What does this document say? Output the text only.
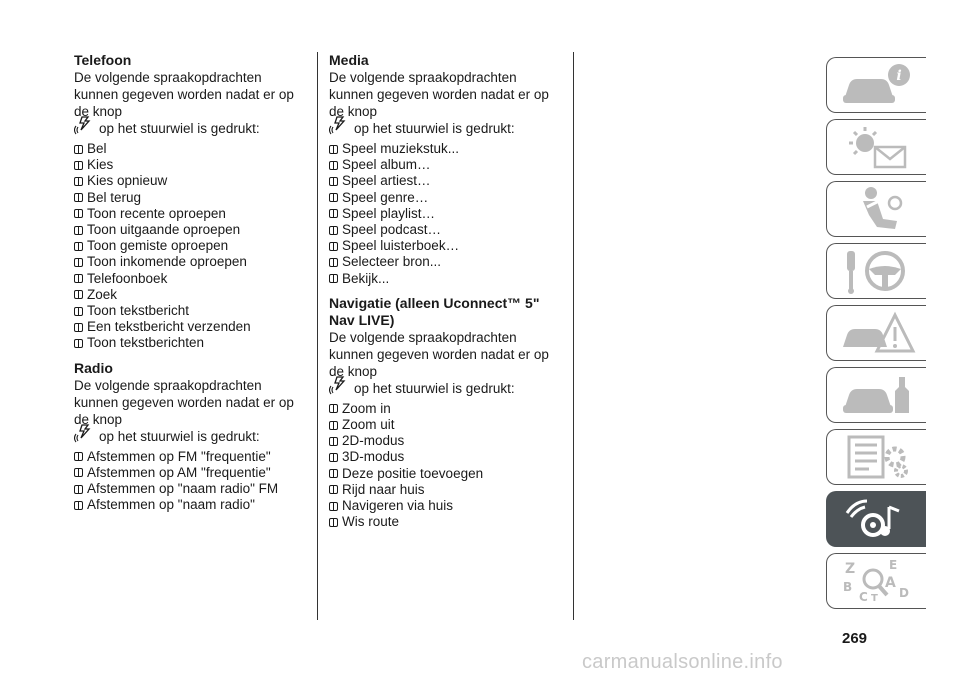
Telefoon

De volgende spraakopdrachten kunnen gegeven worden nadat er op de knop

op het stuurwiel is gedrukt:
Bel
Kies
Kies opnieuw
Bel terug
Toon recente oproepen
Toon uitgaande oproepen
Toon gemiste oproepen
Toon inkomende oproepen
Telefoonboek
Zoek
Toon tekstbericht
Een tekstbericht verzenden
Toon tekstberichten
Radio

De volgende spraakopdrachten kunnen gegeven worden nadat er op de knop

op het stuurwiel is gedrukt:
Afstemmen op FM "frequentie"
Afstemmen op AM "frequentie"
Afstemmen op "naam radio" FM
Afstemmen op "naam radio"
Media

De volgende spraakopdrachten kunnen gegeven worden nadat er op de knop

op het stuurwiel is gedrukt:
Speel muziekstuk...
Speel album…
Speel artiest…
Speel genre…
Speel playlist…
Speel podcast…
Speel luisterboek…
Selecteer bron...
Bekijk...
Navigatie (alleen Uconnect™ 5" Nav LIVE)

De volgende spraakopdrachten kunnen gegeven worden nadat er op de knop

op het stuurwiel is gedrukt:
Zoom in
Zoom uit
2D-modus
3D-modus
Deze positie toevoegen
Rijd naar huis
Navigeren via huis
Wis route
i
Z	E
A
B
C	D
T
269
carmanualsonline.info
